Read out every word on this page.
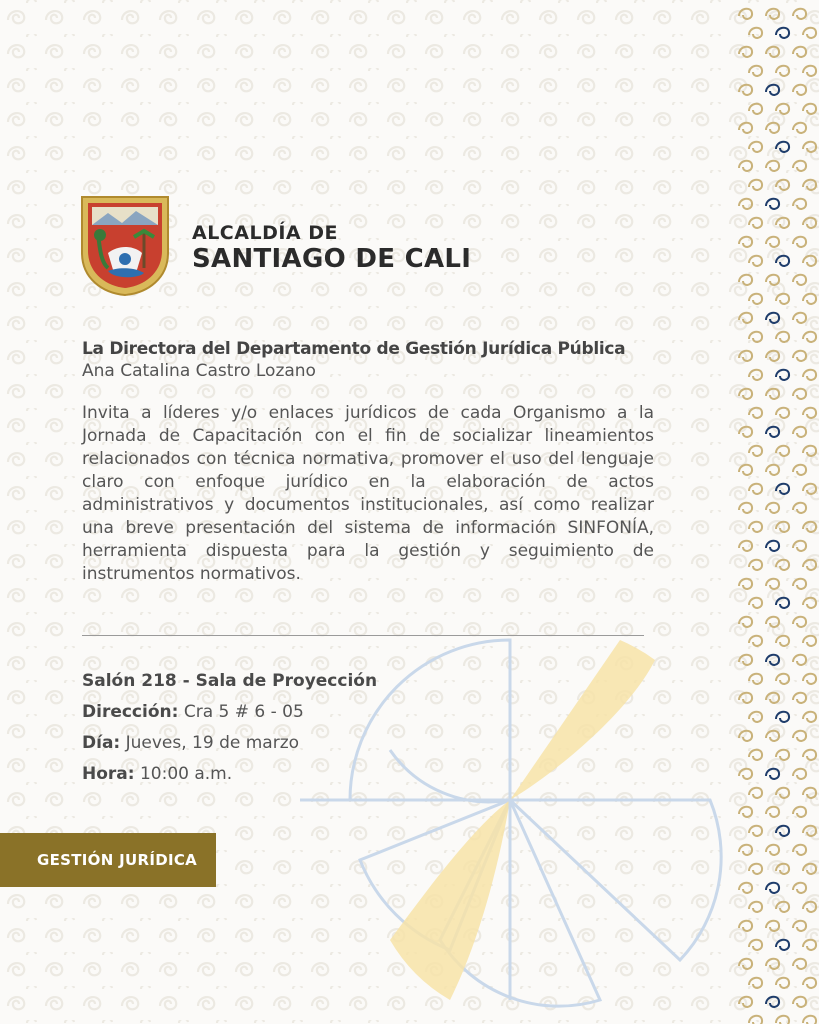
ALCALDÍA DE
SANTIAGO DE CALI
La Directora del Departamento de Gestión Jurídica Pública
Ana Catalina Castro Lozano
Invita a líderes y/o enlaces jurídicos de cada Organismo a la Jornada de Capacitación con el fin de socializar lineamientos relacionados con técnica normativa, promover el uso del lenguaje claro con enfoque jurídico en la elaboración de actos administrativos y documentos institucionales, así como realizar una breve presentación del sistema de información SINFONÍA, herramienta dispuesta para la gestión y seguimiento de instrumentos normativos.
Salón 218 - Sala de Proyección
Dirección: Cra 5 # 6 - 05
Día: Jueves, 19 de marzo
Hora: 10:00 a.m.
GESTIÓN JURÍDICA
